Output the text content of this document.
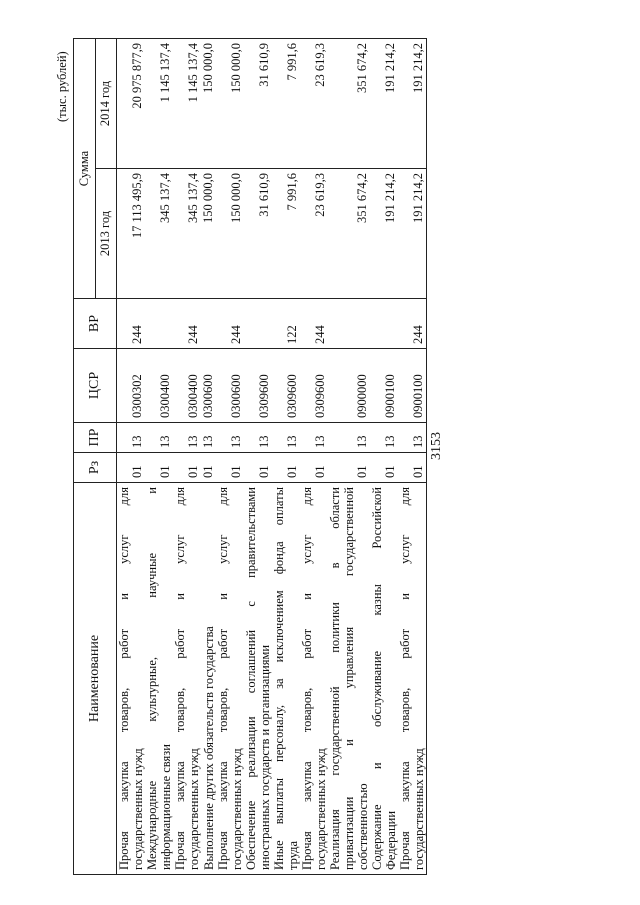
3153
(тыс. рублей)
Наименование	Рз	ПР	ЦСР	ВР	Сумма	
					2013 год	2014 год

Прочая закупка товаров, работ и услуг для государственных нужд	01	13	0300302	244	17 113 495,9	20 975 877,9

Международные культурные, научные и информационные связи	01	13	0300400		345 137,4	1 145 137,4

Прочая закупка товаров, работ и услуг для государственных нужд	01	13	0300400	244	345 137,4	1 145 137,4

Выполнение других обязательств государства	01	13	0300600		150 000,0	150 000,0

Прочая закупка товаров, работ и услуг для государственных нужд	01	13	0300600	244	150 000,0	150 000,0

Обеспечение реализации соглашений с правительствами иностранных государств и организациями	01	13	0309600		31 610,9	31 610,9

Иные выплаты персоналу, за исключением фонда оплаты труда	01	13	0309600	122	7 991,6	7 991,6

Прочая закупка товаров, работ и услуг для государственных нужд	01	13	0309600	244	23 619,3	23 619,3

Реализация государственной политики в области приватизации и управления государственной собственностью	01	13	0900000		351 674,2	351 674,2

Содержание и обслуживание казны Российской Федерации	01	13	0900100		191 214,2	191 214,2

Прочая закупка товаров, работ и услуг для государственных нужд	01	13	0900100	244	191 214,2	191 214,2
